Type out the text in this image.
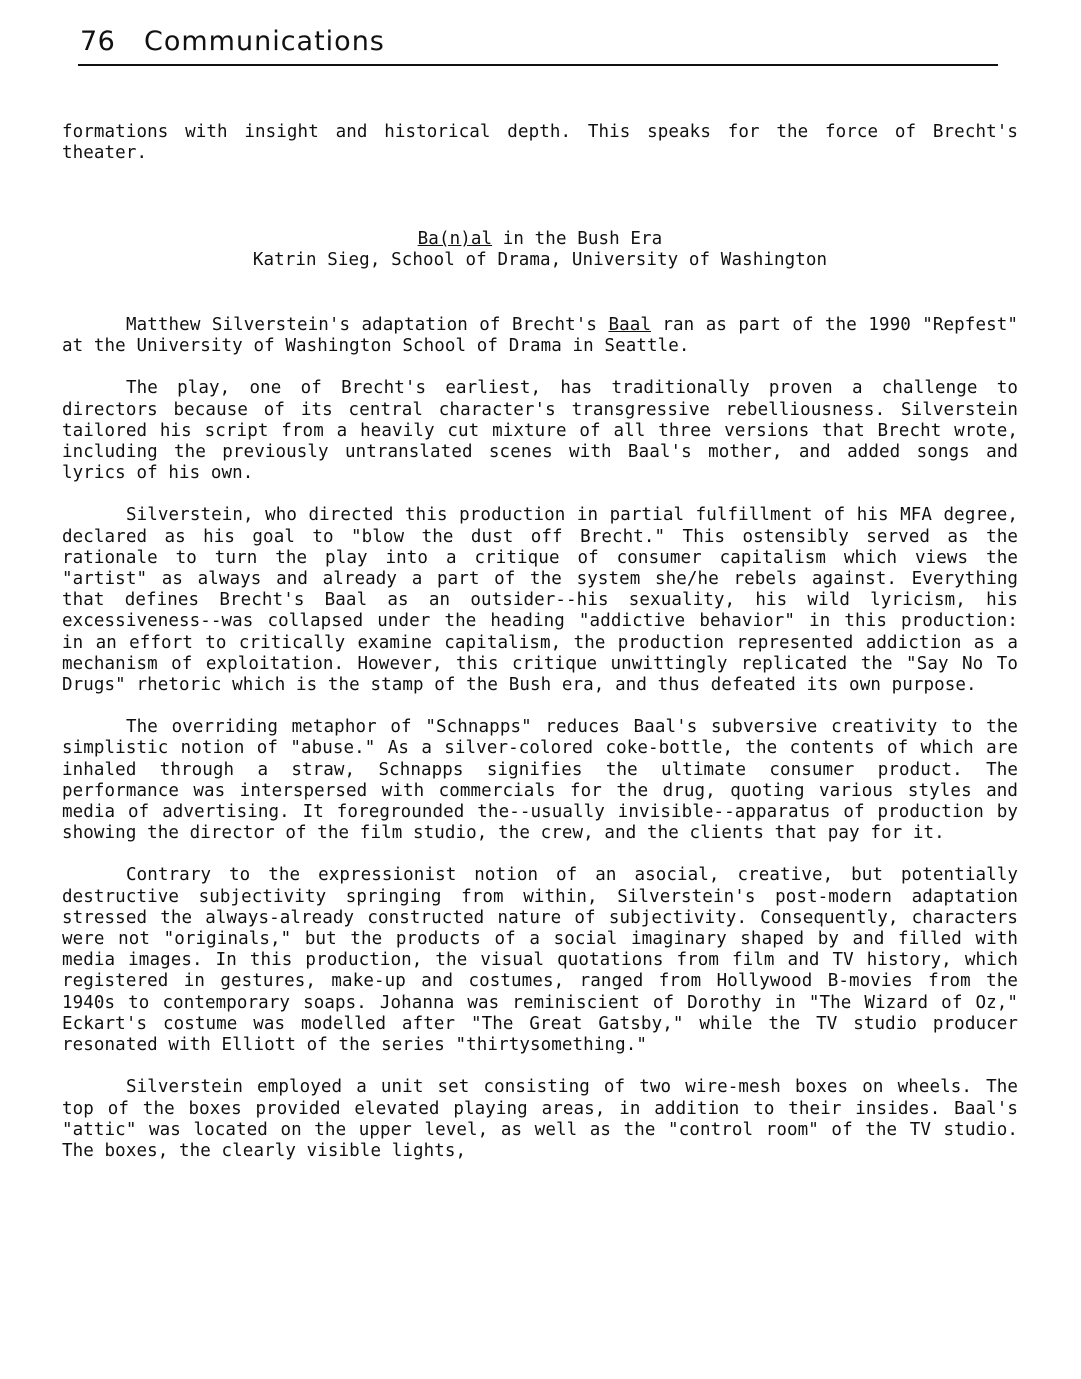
76 Communications

formations with insight and historical depth. This speaks for the force of Brecht's theater.

Ba(n)al in the Bush Era

Katrin Sieg, School of Drama, University of Washington

Matthew Silverstein's adaptation of Brecht's Baal ran as part of the 1990 "Repfest" at the University of Washington School of Drama in Seattle.

The play, one of Brecht's earliest, has traditionally proven a challenge to directors because of its central character's transgressive rebelliousness. Silverstein tailored his script from a heavily cut mixture of all three versions that Brecht wrote, including the previously untranslated scenes with Baal's mother, and added songs and lyrics of his own.

Silverstein, who directed this production in partial fulfillment of his MFA degree, declared as his goal to "blow the dust off Brecht." This ostensibly served as the rationale to turn the play into a critique of consumer capitalism which views the "artist" as always and already a part of the system she/he rebels against. Everything that defines Brecht's Baal as an outsider--his sexuality, his wild lyricism, his excessiveness--was collapsed under the heading "addictive behavior" in this production: in an effort to critically examine capitalism, the production represented addiction as a mechanism of exploitation. However, this critique unwittingly replicated the "Say No To Drugs" rhetoric which is the stamp of the Bush era, and thus defeated its own purpose.

The overriding metaphor of "Schnapps" reduces Baal's subversive creativity to the simplistic notion of "abuse." As a silver-colored coke-bottle, the contents of which are inhaled through a straw, Schnapps signifies the ultimate consumer product. The performance was interspersed with commercials for the drug, quoting various styles and media of advertising. It foregrounded the--usually invisible--apparatus of production by showing the director of the film studio, the crew, and the clients that pay for it.

Contrary to the expressionist notion of an asocial, creative, but potentially destructive subjectivity springing from within, Silverstein's post-modern adaptation stressed the always-already constructed nature of subjectivity. Consequently, characters were not "originals," but the products of a social imaginary shaped by and filled with media images. In this production, the visual quotations from film and TV history, which registered in gestures, make-up and costumes, ranged from Hollywood B-movies from the 1940s to contemporary soaps. Johanna was reminiscient of Dorothy in "The Wizard of Oz," Eckart's costume was modelled after "The Great Gatsby," while the TV studio producer resonated with Elliott of the series "thirtysomething."

Silverstein employed a unit set consisting of two wire-mesh boxes on wheels. The top of the boxes provided elevated playing areas, in addition to their insides. Baal's "attic" was located on the upper level, as well as the "control room" of the TV studio. The boxes, the clearly visible lights,
